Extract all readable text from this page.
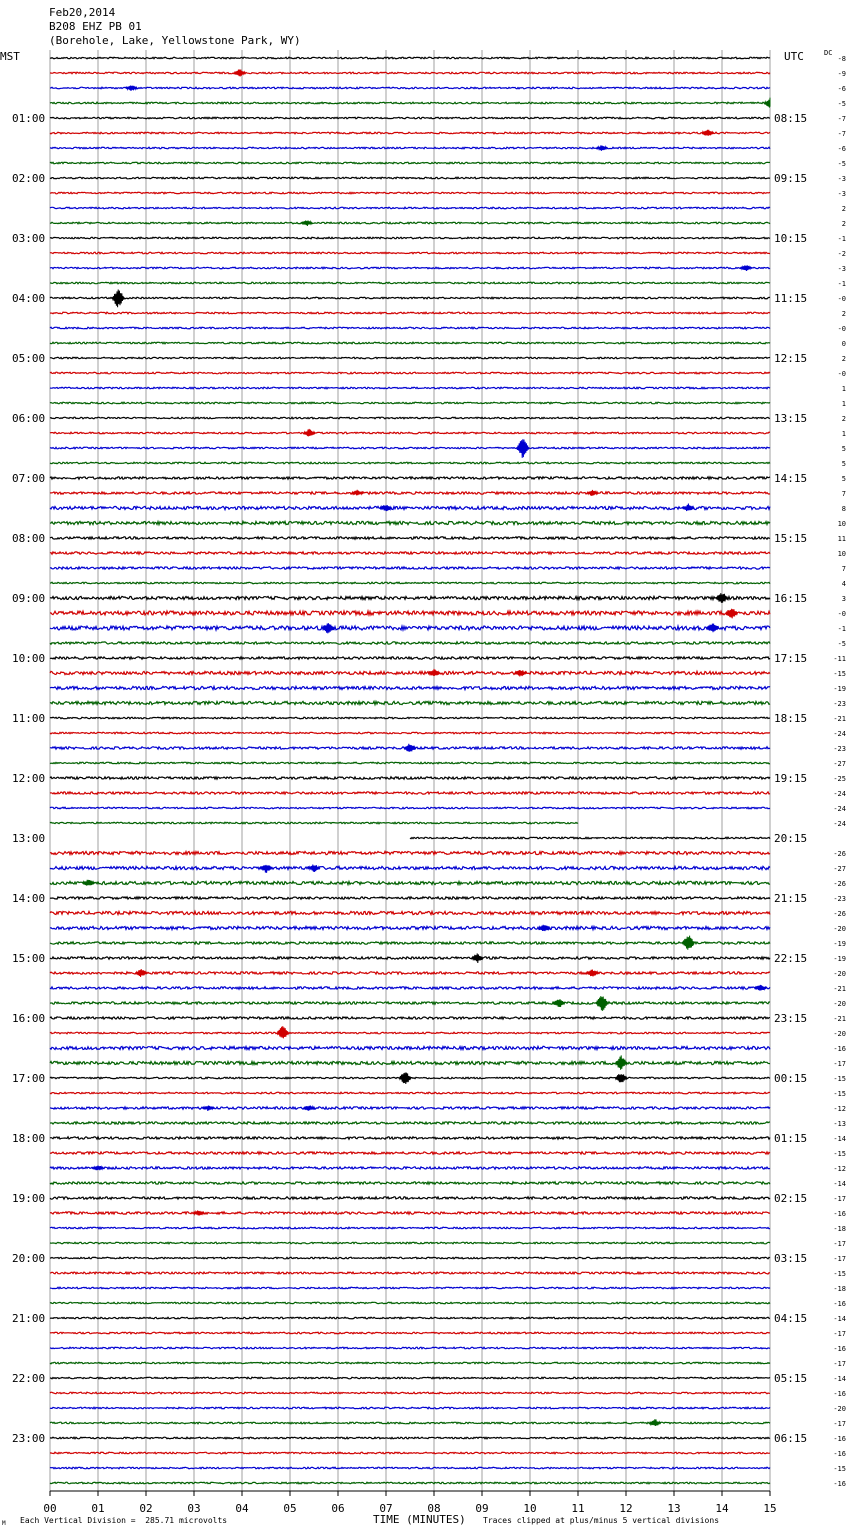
Feb20,2014
B208 EHZ PB 01
(Borehole, Lake, Yellowstone Park, WY)
MST	UTC	DC
01:00
02:00
03:00
04:00
05:00
06:00
07:00
08:00
09:00
10:00
11:00
12:00
13:00
14:00
15:00
16:00
17:00
18:00
19:00
20:00
21:00
22:00
23:00
08:15
09:15
10:15
11:15
12:15
13:15
14:15
15:15
16:15
17:15
18:15
19:15
20:15
21:15
22:15
23:15
00:15
01:15
02:15
03:15
04:15
05:15
06:15
-8
-9
-6
-5
-7
-7
-6
-5
-3
-3
2
2
-1
-2
-3
-1
-0
2
-0
0
2
-0
1
1
2
1
5
5
5
7
8
10
11
10
7
4
3
-0
-1
-5
-11
-15
-19
-23
-21
-24
-23
-27
-25
-24
-24
-24
-26
-27
-26
-23
-26
-20
-19
-19
-20
-21
-20
-21
-20
-16
-17
-15
-15
-12
-13
-14
-15
-12
-14
-17
-16
-18
-17
-17
-15
-18
-16
-14
-17
-16
-17
-14
-16
-20
-17
-16
-16
-15
-16
00	01	02	03	04	05	06	07	08	09	10	11	12	13	14	15
M Each Vertical Division =  285.71 microvolts	TIME (MINUTES) Traces clipped at plus/minus 5 vertical divisions
